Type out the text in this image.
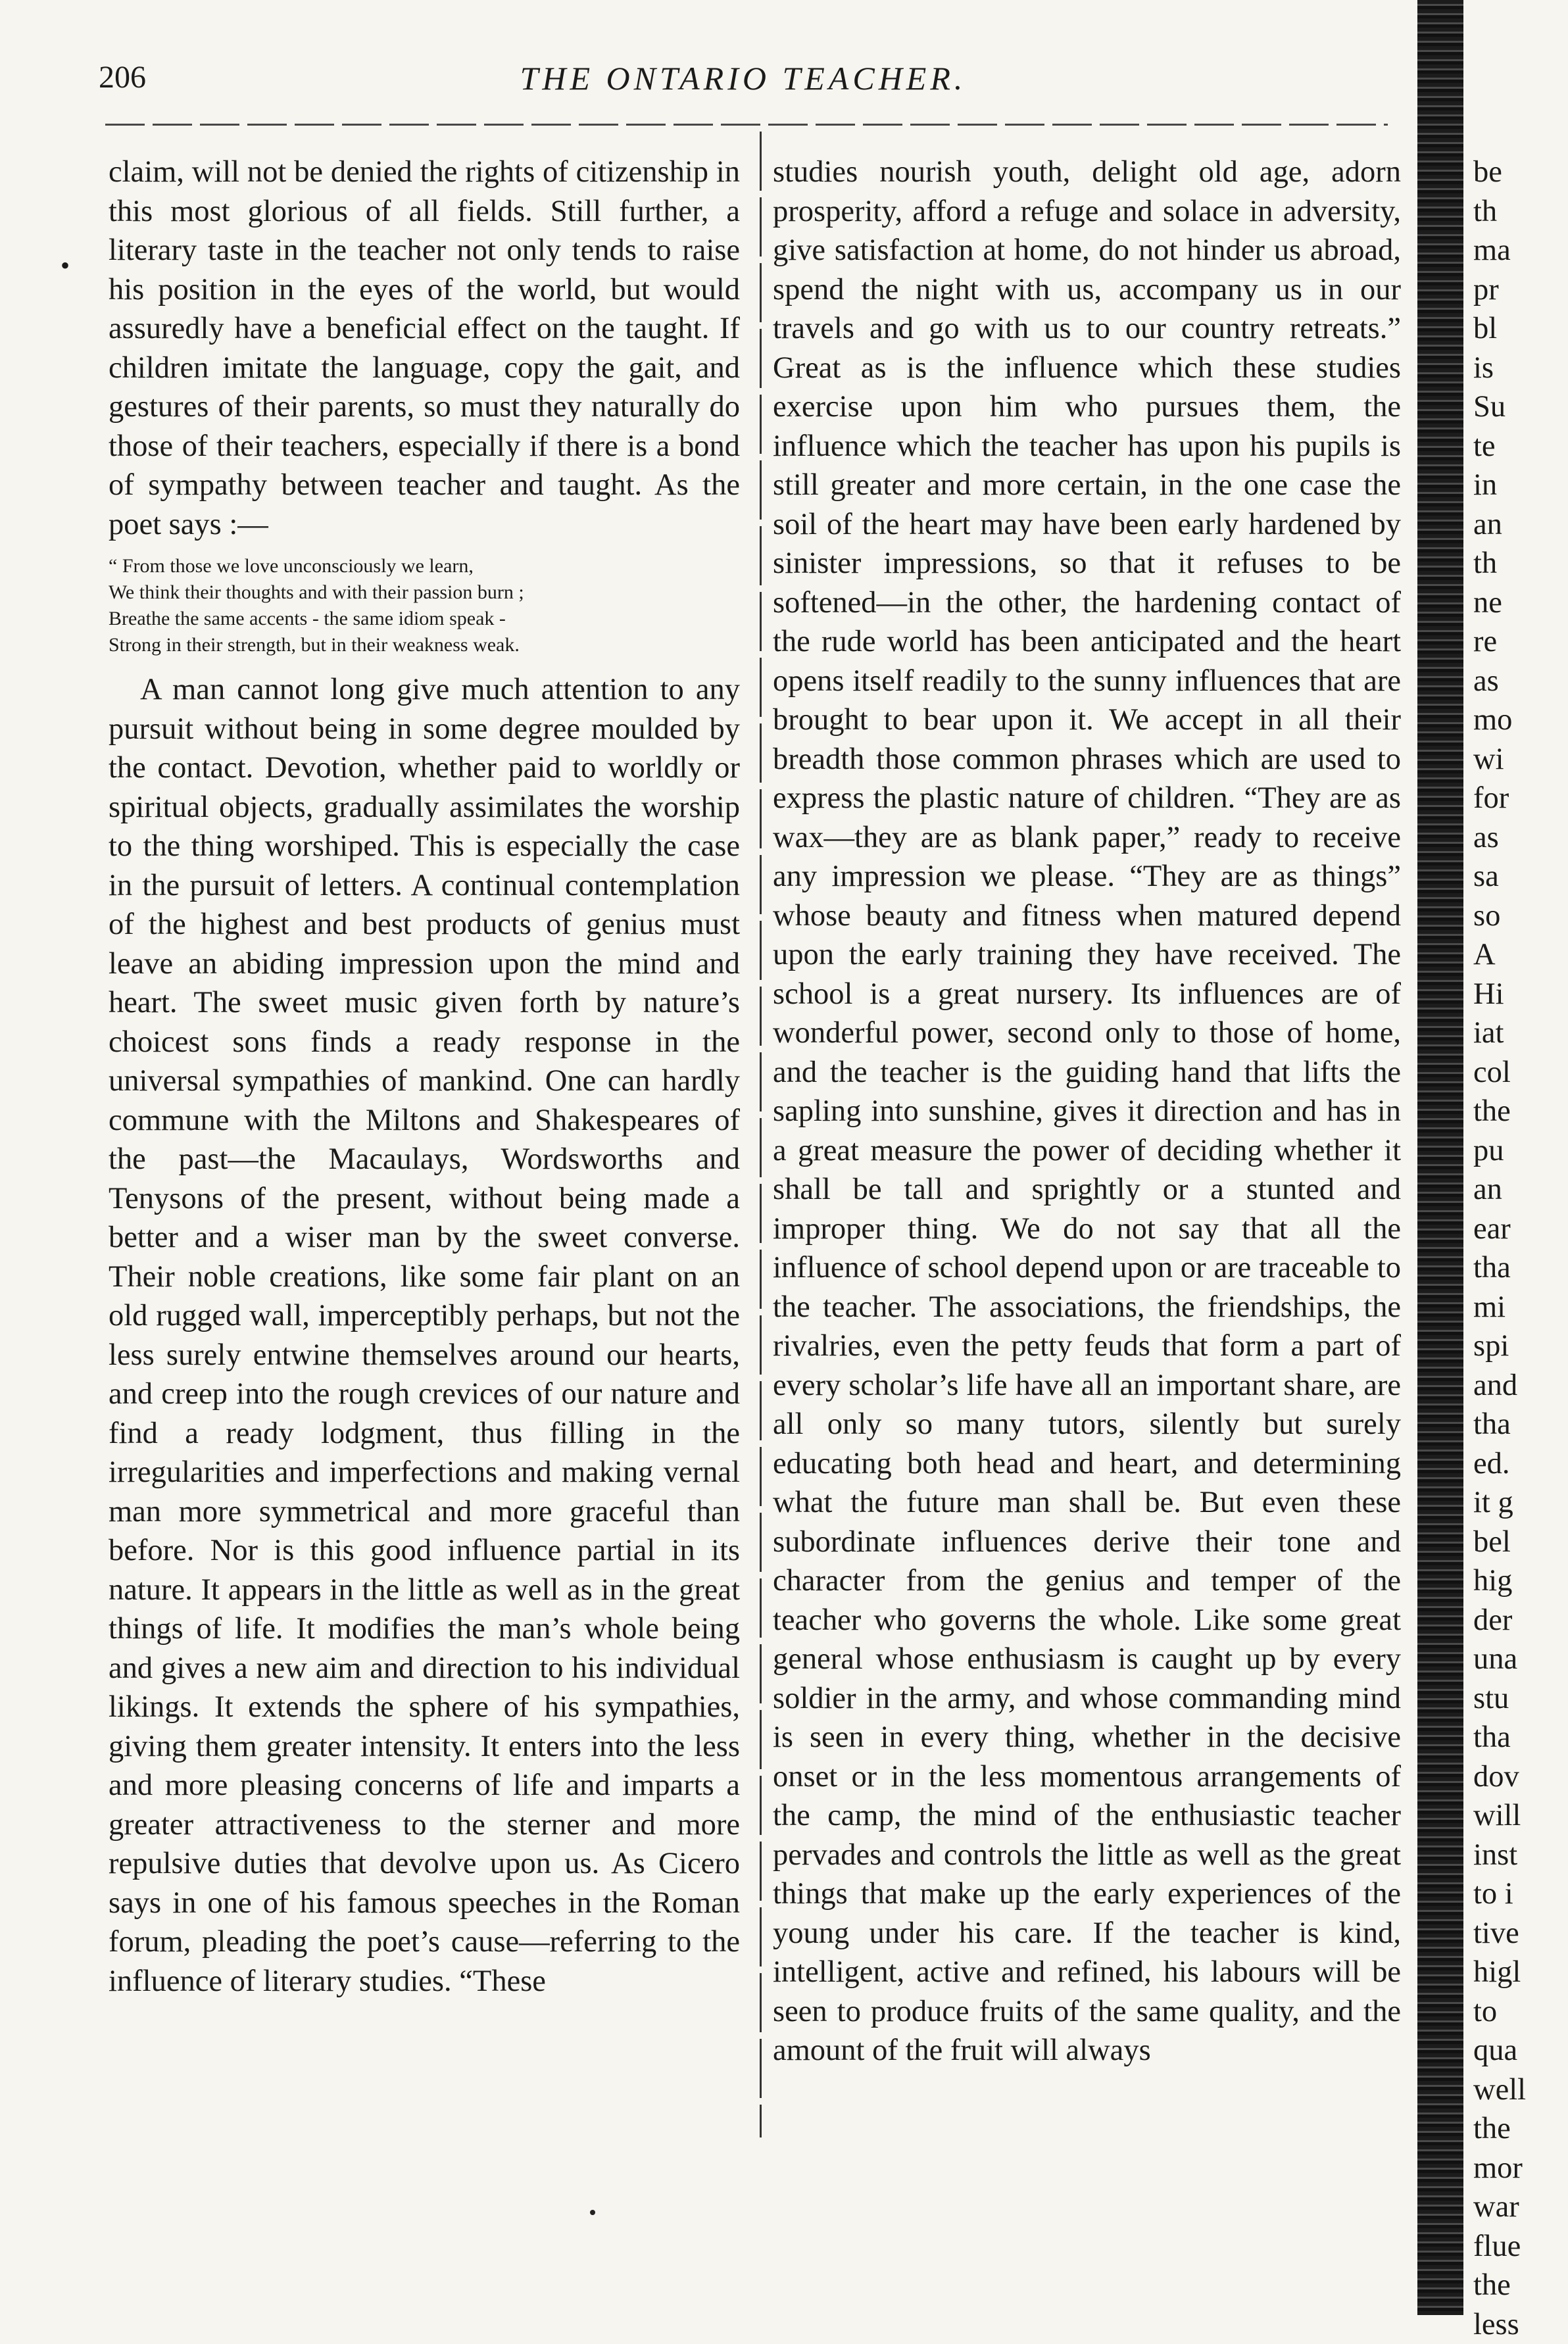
206	THE ONTARIO TEACHER.
•

claim, will not be denied the rights of citizenship in this most glorious of all fields. Still further, a literary taste in the teacher not only tends to raise his position in the eyes of the world, but would assuredly have a beneficial effect on the taught. If children imitate the language, copy the gait, and gestures of their parents, so must they naturally do those of their teachers, especially if there is a bond of sympathy between teacher and taught. As the poet says :—

“ From those we love unconsciously we learn,
We think their thoughts and with their passion burn ;
Breathe the same accents - the same idiom speak -
Strong in their strength, but in their weakness weak.

A man cannot long give much attention to any pursuit without being in some degree moulded by the contact. Devotion, whether paid to worldly or spiritual objects, gradually assimilates the worship to the thing worshiped. This is especially the case in the pursuit of letters. A continual contemplation of the highest and best products of genius must leave an abiding impression upon the mind and heart. The sweet music given forth by nature’s choicest sons finds a ready response in the universal sympathies of mankind. One can hardly commune with the Miltons and Shakespeares of the past—the Macaulays, Wordsworths and Tenysons of the present, without being made a better and a wiser man by the sweet converse. Their noble creations, like some fair plant on an old rugged wall, imperceptibly perhaps, but not the less surely entwine themselves around our hearts, and creep into the rough crevices of our nature and find a ready lodgment, thus filling in the irregularities and imperfections and making vernal man more symmetrical and more graceful than before. Nor is this good influence partial in its nature. It appears in the little as well as in the great things of life. It modifies the man’s whole being and gives a new aim and direction to his individual likings. It extends the sphere of his sympathies, giving them greater intensity. It enters into the less and more pleasing concerns of life and imparts a greater attractiveness to the sterner and more repulsive duties that devolve upon us. As Cicero says in one of his famous speeches in the Roman forum, pleading the poet’s cause—referring to the influence of literary studies. “These

studies nourish youth, delight old age, adorn prosperity, afford a refuge and solace in adversity, give satisfaction at home, do not hinder us abroad, spend the night with us, accompany us in our travels and go with us to our country retreats.” Great as is the influence which these studies exercise upon him who pursues them, the influence which the teacher has upon his pupils is still greater and more certain, in the one case the soil of the heart may have been early hardened by sinister impressions, so that it refuses to be softened—in the other, the hardening contact of the rude world has been anticipated and the heart opens itself readily to the sunny influences that are brought to bear upon it. We accept in all their breadth those common phrases which are used to express the plastic nature of children. “They are as wax—they are as blank paper,” ready to receive any impression we please. “They are as things” whose beauty and fitness when matured depend upon the early training they have received. The school is a great nursery. Its influences are of wonderful power, second only to those of home, and the teacher is the guiding hand that lifts the sapling into sunshine, gives it direction and has in a great measure the power of deciding whether it shall be tall and sprightly or a stunted and improper thing. We do not say that all the influence of school depend upon or are traceable to the teacher. The associations, the friendships, the rivalries, even the petty feuds that form a part of every scholar’s life have all an important share, are all only so many tutors, silently but surely educating both head and heart, and determining what the future man shall be. But even these subordinate influences derive their tone and character from the genius and temper of the teacher who governs the whole. Like some great general whose enthusiasm is caught up by every soldier in the army, and whose commanding mind is seen in every thing, whether in the decisive onset or in the less momentous arrangements of the camp, the mind of the enthusiastic teacher pervades and controls the little as well as the great things that make up the early experiences of the young under his care. If the teacher is kind, intelligent, active and refined, his labours will be seen to produce fruits of the same quality, and the amount of the fruit will always

be
th
ma
pr
bl
is
Su
te
in
an
th
ne
re
as
mo
wi
for
as
sa
so
A
Hi
iat
col
the
pu
an
ear
tha
mi
spi
and
tha
ed.
it g
bel
hig
der
una
stu
tha
dov
will
inst
to i
tive
higl
to
qua
well
the
mor
war
flue
the
less
